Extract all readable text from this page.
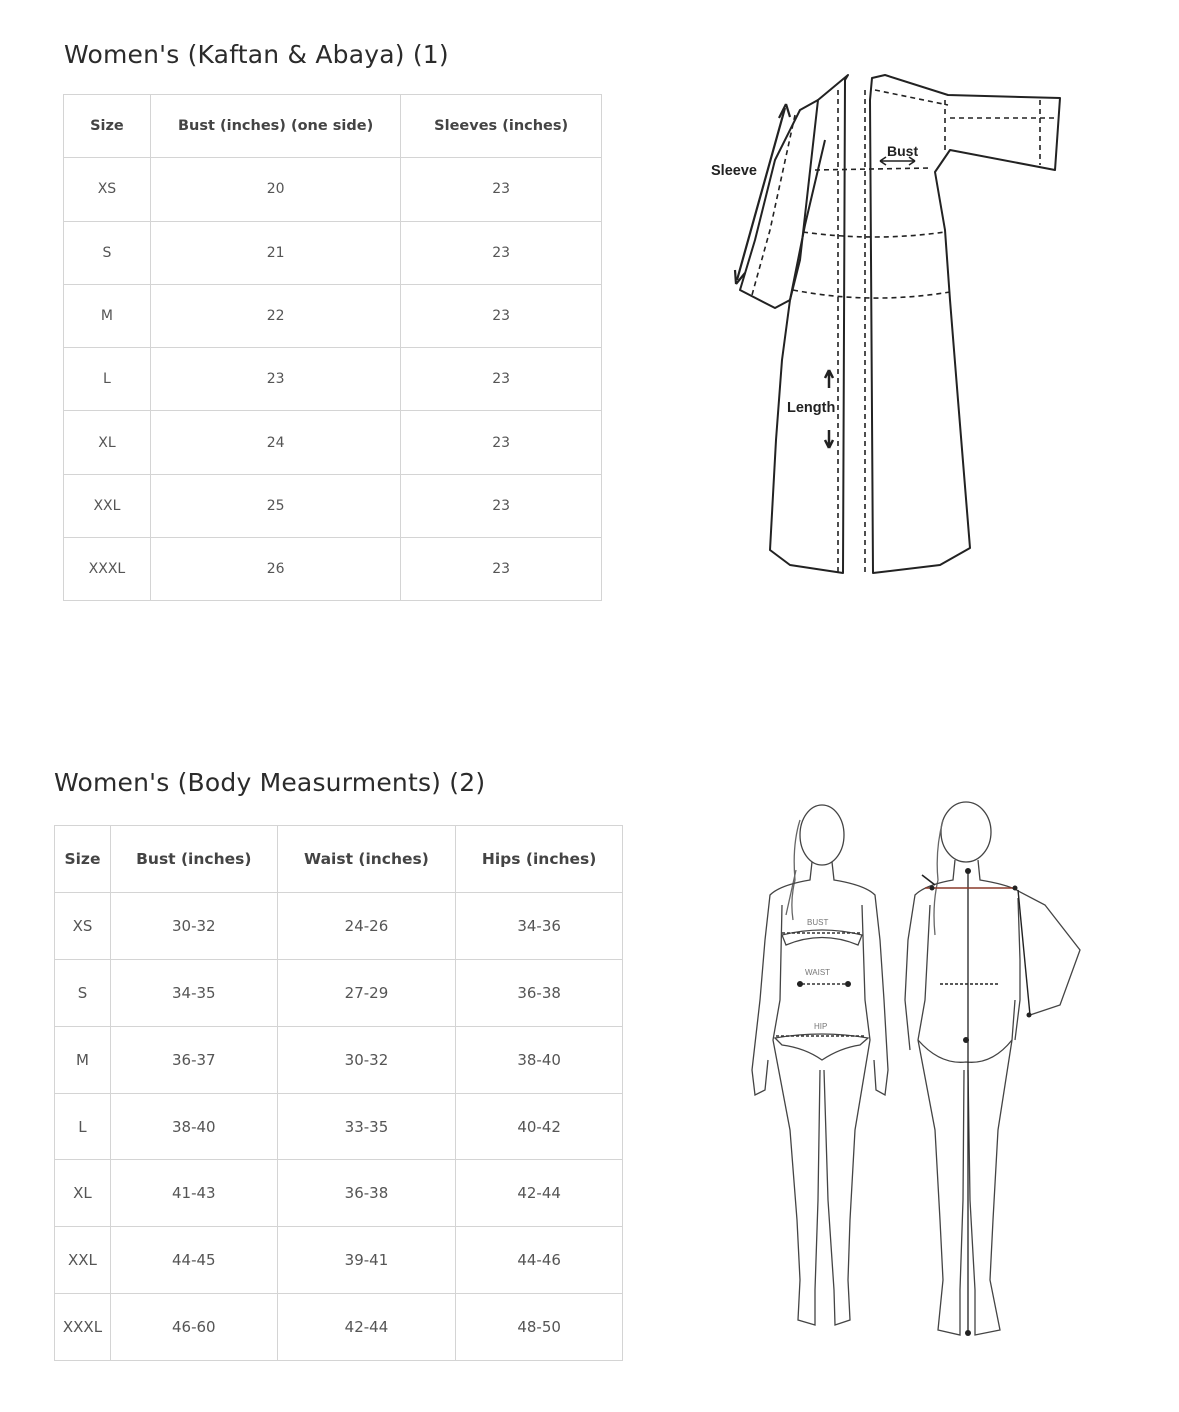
Women's (Kaftan & Abaya) (1)
Size	Bust (inches) (one side)	Sleeves (inches)
XS	20	23
S	21	23
M	22	23
L	23	23
XL	24	23
XXL	25	23
XXXL	26	23
Sleeve
Bust
Length
Women's (Body Measurments) (2)
Size	Bust (inches)	Waist (inches)	Hips (inches)
XS	30-32	24-26	34-36
S	34-35	27-29	36-38
M	36-37	30-32	38-40
L	38-40	33-35	40-42
XL	41-43	36-38	42-44
XXL	44-45	39-41	44-46
XXXL	46-60	42-44	48-50
BUST
WAIST
HIP
